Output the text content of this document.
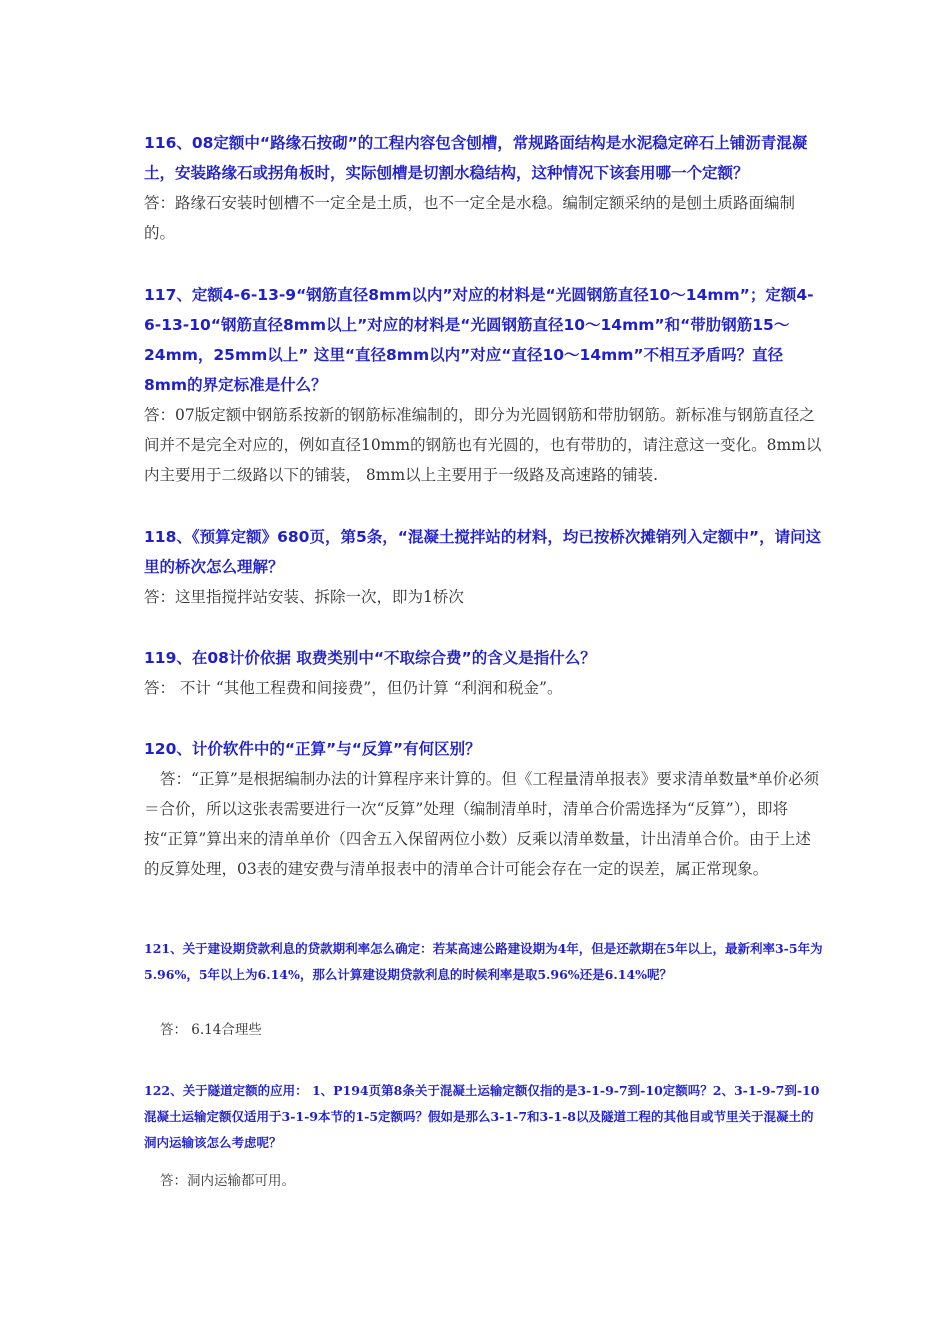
116、08定额中“路缘石按砌”的工程内容包含刨槽，常规路面结构是水泥稳定碎石上铺沥青混凝土，安装路缘石或拐角板时，实际刨槽是切割水稳结构，这种情况下该套用哪一个定额？
答：路缘石安装时刨槽不一定全是土质，也不一定全是水稳。编制定额采纳的是刨土质路面编制的。
117、定额4-6-13-9“钢筋直径8mm以内”对应的材料是“光圆钢筋直径10～14mm”；定额4-6-13-10“钢筋直径8mm以上”对应的材料是“光圆钢筋直径10～14mm”和“带肋钢筋15～24mm，25mm以上” 这里“直径8mm以内”对应“直径10～14mm”不相互矛盾吗？直径8mm的界定标准是什么？
答：07版定额中钢筋系按新的钢筋标准编制的，即分为光圆钢筋和带肋钢筋。新标准与钢筋直径之间并不是完全对应的，例如直径10mm的钢筋也有光圆的，也有带肋的，请注意这一变化。8mm以内主要用于二级路以下的铺装， 8mm以上主要用于一级路及高速路的铺装.
118、《预算定额》680页，第5条，“混凝土搅拌站的材料，均已按桥次摊销列入定额中”，请问这里的桥次怎么理解？
答：这里指搅拌站安装、拆除一次，即为1桥次
119、在08计价依据 取费类别中“不取综合费”的含义是指什么？
答： 不计 “其他工程费和间接费”，但仍计算 “利润和税金”。
120、计价软件中的“正算”与“反算”有何区别？
答：“正算”是根据编制办法的计算程序来计算的。但《工程量清单报表》要求清单数量*单价必须＝合价，所以这张表需要进行一次“反算”处理（编制清单时，清单合价需选择为“反算”），即将按“正算”算出来的清单单价（四舍五入保留两位小数）反乘以清单数量，计出清单合价。由于上述的反算处理，03表的建安费与清单报表中的清单合计可能会存在一定的误差，属正常现象。
121、关于建设期贷款利息的贷款期利率怎么确定：若某高速公路建设期为4年，但是还款期在5年以上，最新利率3-5年为5.96%，5年以上为6.14%，那么计算建设期贷款利息的时候利率是取5.96%还是6.14%呢？
答： 6.14合理些
122、关于隧道定额的应用： 1、P194页第8条关于混凝土运输定额仅指的是3-1-9-7到-10定额吗？2、3-1-9-7到-10混凝土运输定额仅适用于3-1-9本节的1-5定额吗？假如是那么3-1-7和3-1-8以及隧道工程的其他目或节里关于混凝土的洞内运输该怎么考虑呢？
答：洞内运输都可用。
